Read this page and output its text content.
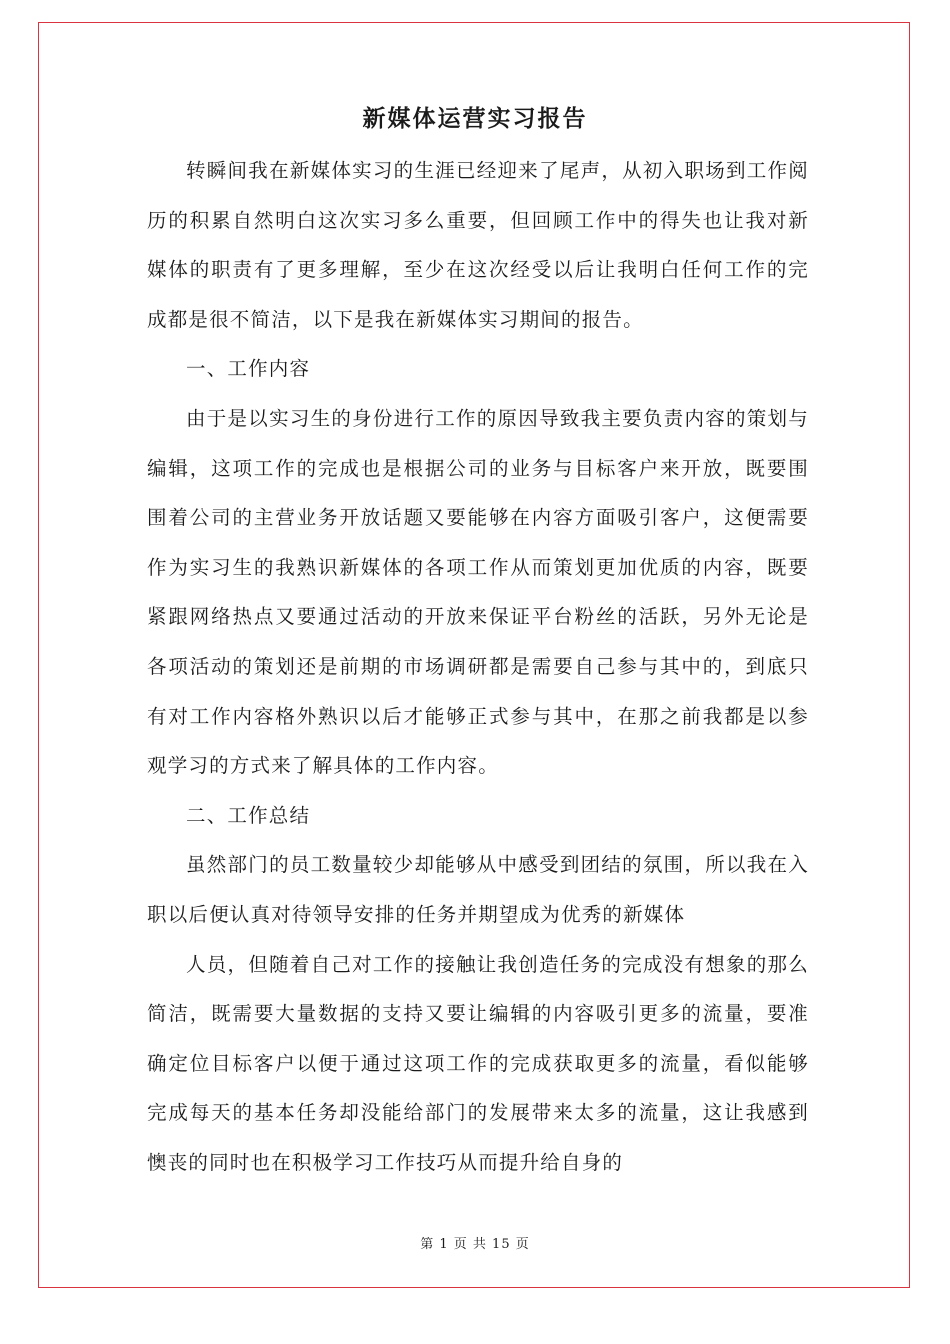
新媒体运营实习报告

转瞬间我在新媒体实习的生涯已经迎来了尾声，从初入职场到工作阅历的积累自然明白这次实习多么重要，但回顾工作中的得失也让我对新媒体的职责有了更多理解，至少在这次经受以后让我明白任何工作的完成都是很不简洁，以下是我在新媒体实习期间的报告。

一、工作内容

由于是以实习生的身份进行工作的原因导致我主要负责内容的策划与编辑，这项工作的完成也是根据公司的业务与目标客户来开放，既要围围着公司的主营业务开放话题又要能够在内容方面吸引客户，这便需要作为实习生的我熟识新媒体的各项工作从而策划更加优质的内容，既要紧跟网络热点又要通过活动的开放来保证平台粉丝的活跃，另外无论是各项活动的策划还是前期的市场调研都是需要自己参与其中的，到底只有对工作内容格外熟识以后才能够正式参与其中，在那之前我都是以参观学习的方式来了解具体的工作内容。

二、工作总结

虽然部门的员工数量较少却能够从中感受到团结的氛围，所以我在入职以后便认真对待领导安排的任务并期望成为优秀的新媒体

人员，但随着自己对工作的接触让我创造任务的完成没有想象的那么简洁，既需要大量数据的支持又要让编辑的内容吸引更多的流量，要准确定位目标客户以便于通过这项工作的完成获取更多的流量，看似能够完成每天的基本任务却没能给部门的发展带来太多的流量，这让我感到懊丧的同时也在积极学习工作技巧从而提升给自身的

第 1 页 共 15 页
